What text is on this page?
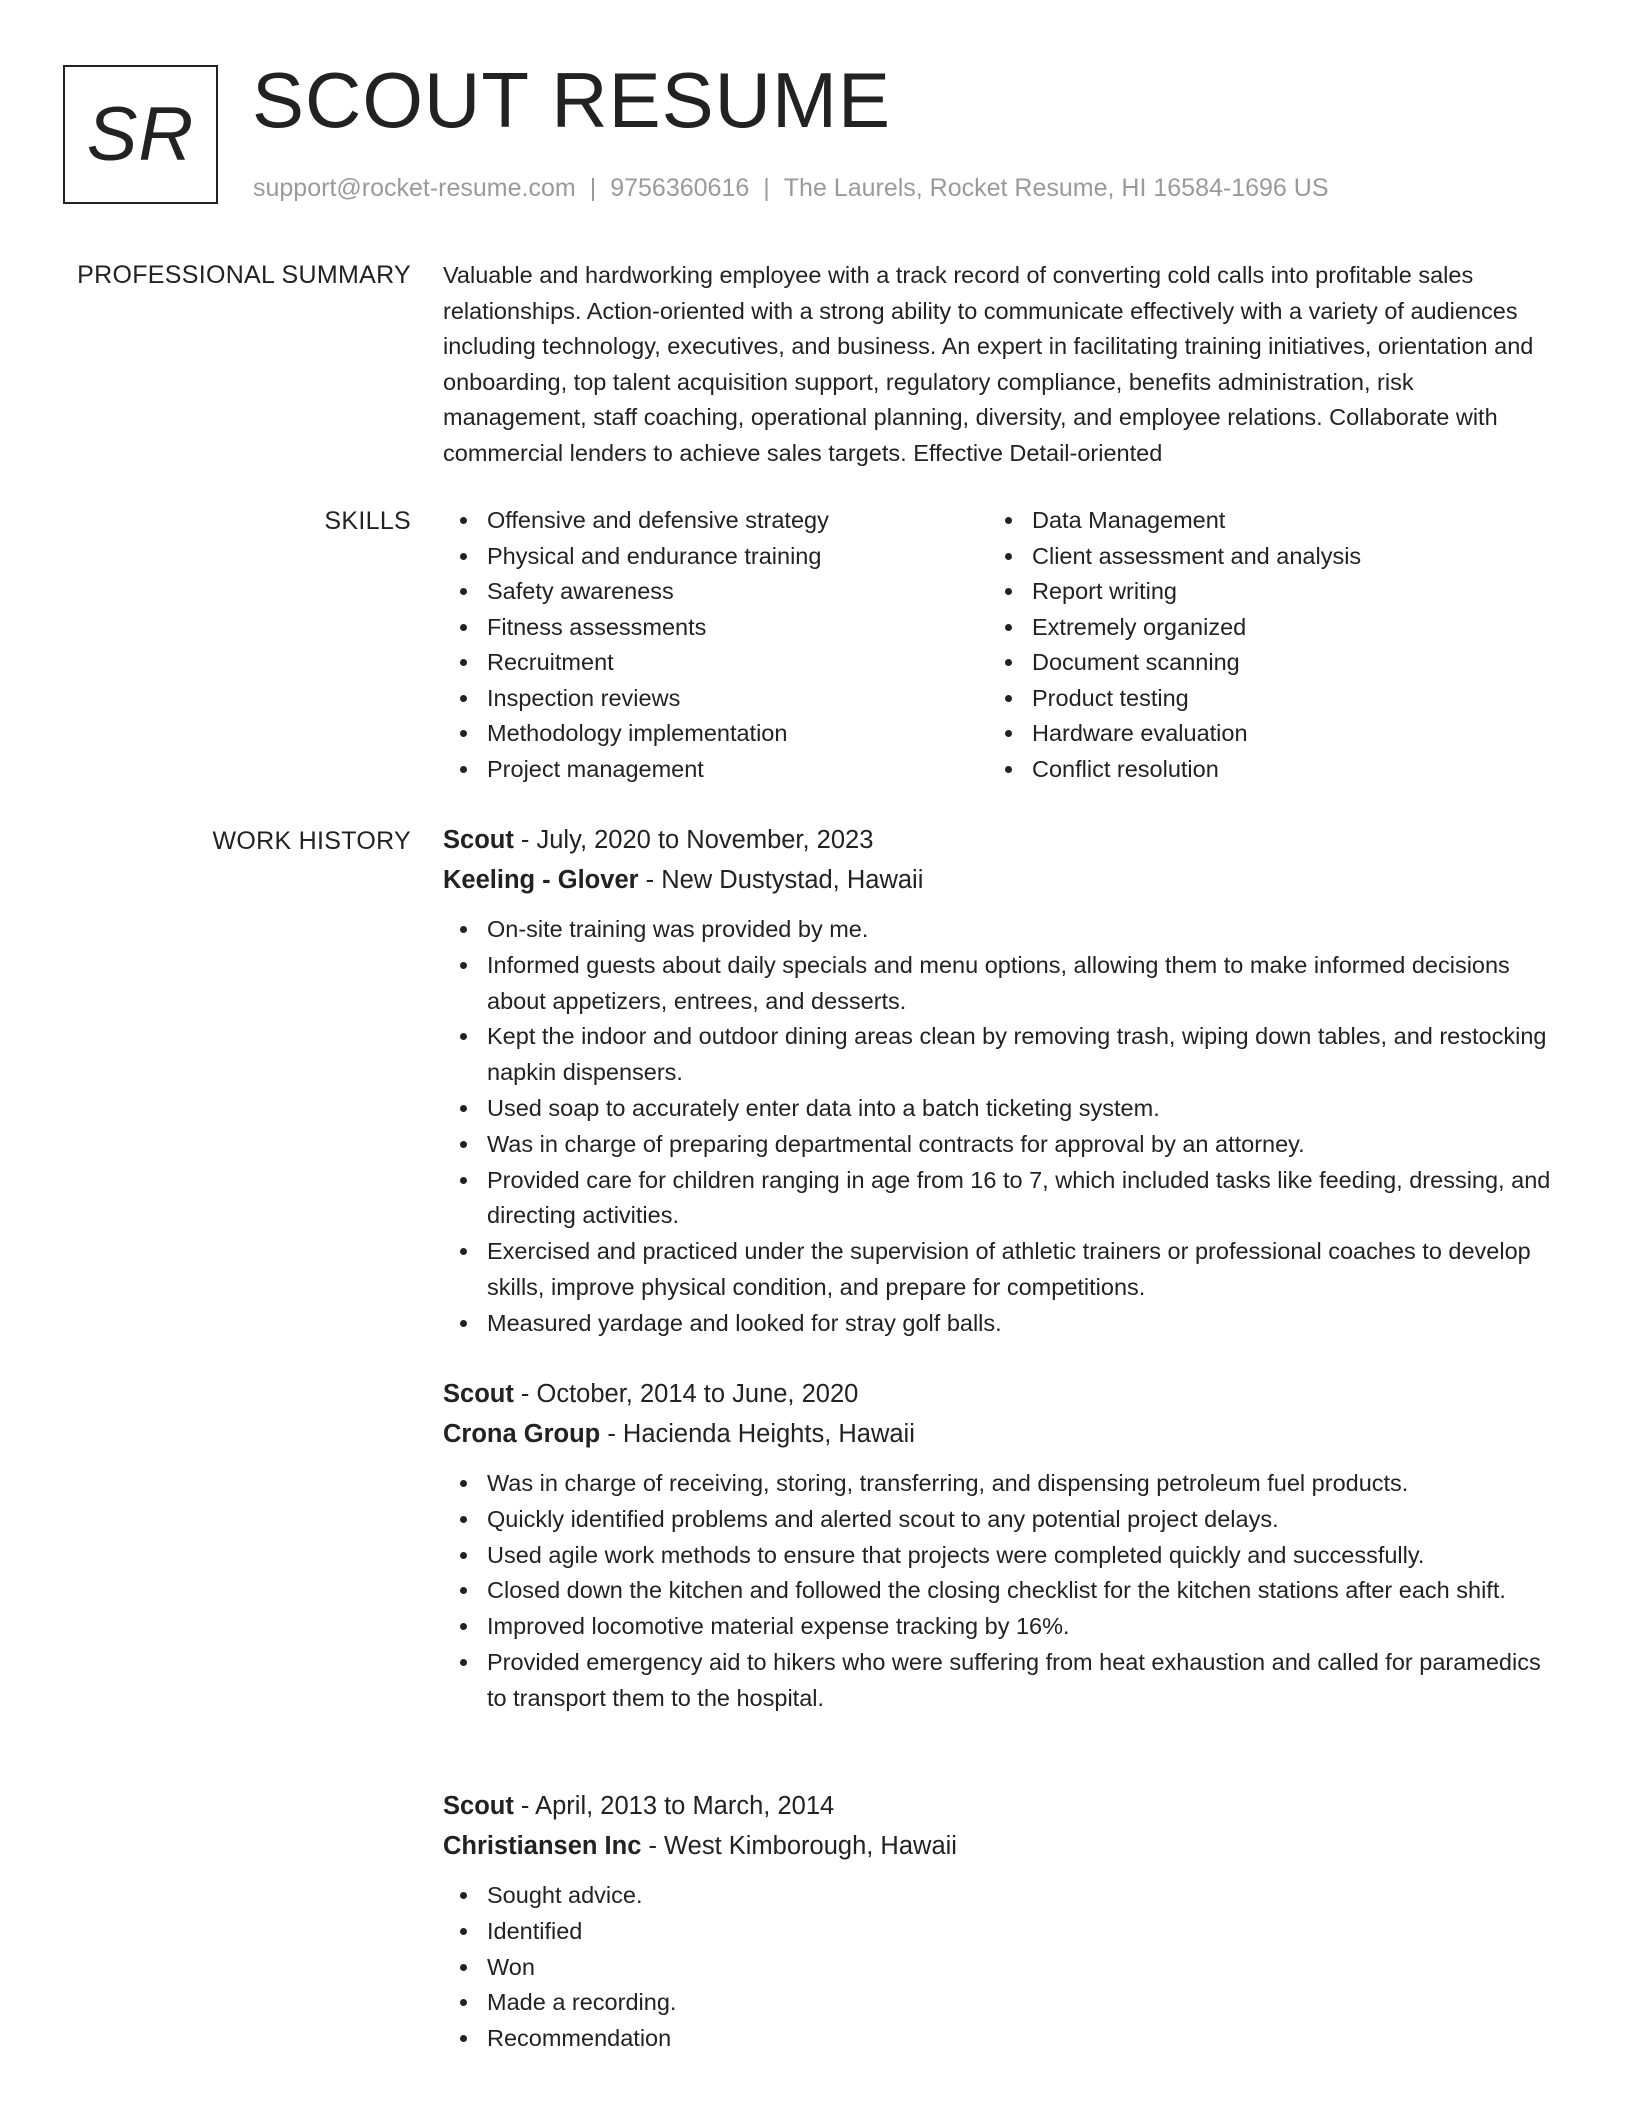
SR SCOUT RESUME
support@rocket-resume.com | 9756360616 | The Laurels, Rocket Resume, HI 16584-1696 US
PROFESSIONAL SUMMARY Valuable and hardworking employee with a track record of converting cold calls into profitable sales relationships. Action-oriented with a strong ability to communicate effectively with a variety of audiences including technology, executives, and business. An expert in facilitating training initiatives, orientation and onboarding, top talent acquisition support, regulatory compliance, benefits administration, risk management, staff coaching, operational planning, diversity, and employee relations. Collaborate with commercial lenders to achieve sales targets. Effective Detail-oriented

SKILLS	Offensive and defensive strategy
Physical and endurance training
Safety awareness
Fitness assessments
Recruitment
Inspection reviews
Methodology implementation
Project management
Data Management
Client assessment and analysis
Report writing
Extremely organized
Document scanning
Product testing
Hardware evaluation
Conflict resolution
WORK HISTORY Scout - July, 2020 to November, 2023
Keeling - Glover - New Dustystad, Hawaii
On-site training was provided by me.
Informed guests about daily specials and menu options, allowing them to make informed decisions about appetizers, entrees, and desserts.
Kept the indoor and outdoor dining areas clean by removing trash, wiping down tables, and restocking napkin dispensers.
Used soap to accurately enter data into a batch ticketing system.
Was in charge of preparing departmental contracts for approval by an attorney.
Provided care for children ranging in age from 16 to 7, which included tasks like feeding, dressing, and directing activities.
Exercised and practiced under the supervision of athletic trainers or professional coaches to develop skills, improve physical condition, and prepare for competitions.
Measured yardage and looked for stray golf balls.
Scout - October, 2014 to June, 2020
Crona Group - Hacienda Heights, Hawaii
Was in charge of receiving, storing, transferring, and dispensing petroleum fuel products.
Quickly identified problems and alerted scout to any potential project delays.
Used agile work methods to ensure that projects were completed quickly and successfully.
Closed down the kitchen and followed the closing checklist for the kitchen stations after each shift.
Improved locomotive material expense tracking by 16%.
Provided emergency aid to hikers who were suffering from heat exhaustion and called for paramedics to transport them to the hospital.
Scout - April, 2013 to March, 2014
Christiansen Inc - West Kimborough, Hawaii
Sought advice.
Identified
Won
Made a recording.
Recommendation
